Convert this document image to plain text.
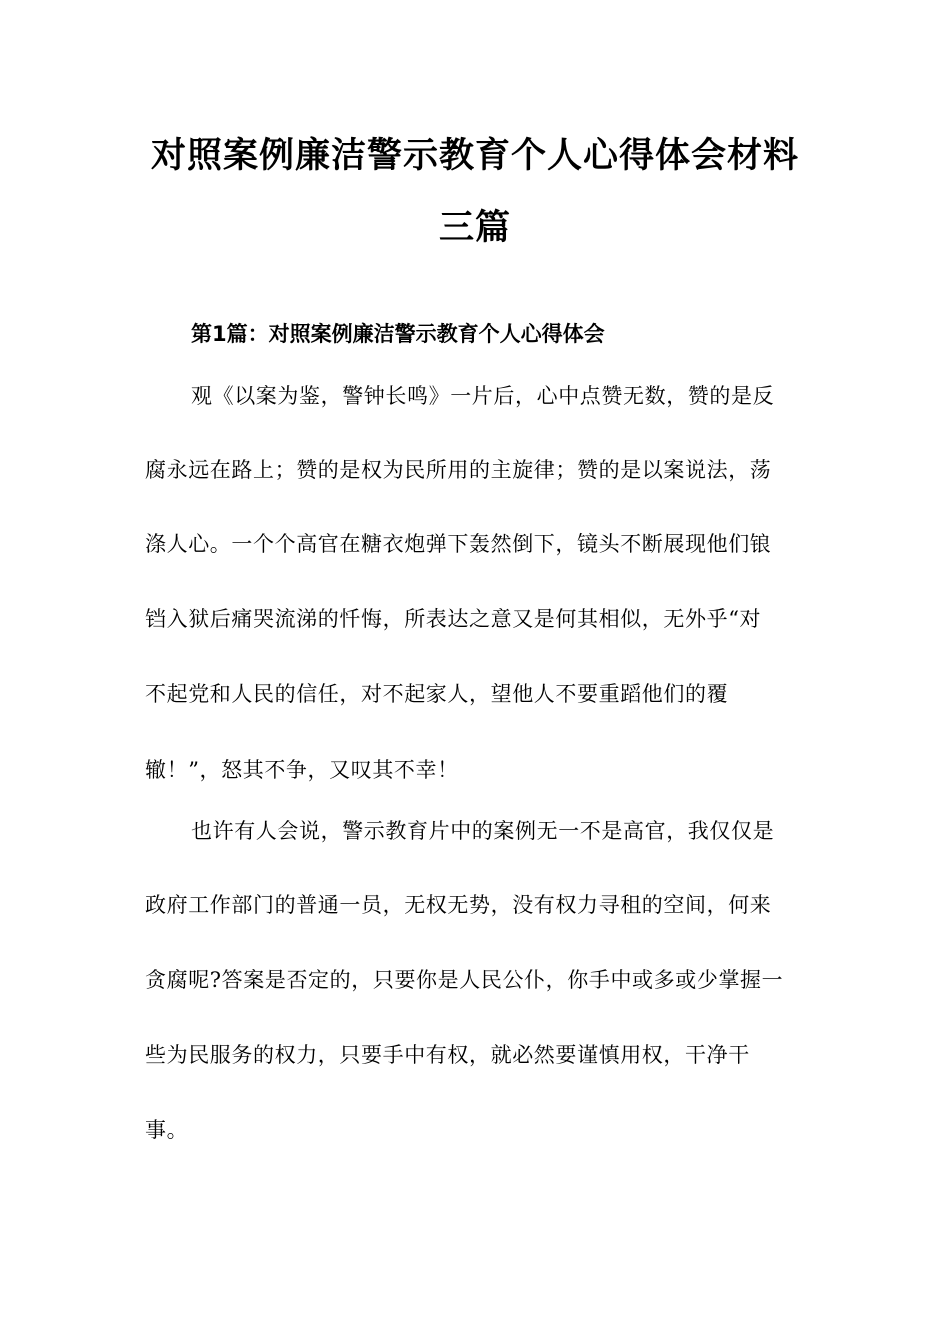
对照案例廉洁警示教育个人心得体会材料
三篇
第1篇：对照案例廉洁警示教育个人心得体会
观《以案为鉴，警钟长鸣》一片后，心中点赞无数，赞的是反
腐永远在路上；赞的是权为民所用的主旋律；赞的是以案说法，荡
涤人心。一个个高官在糖衣炮弹下轰然倒下，镜头不断展现他们锒
铛入狱后痛哭流涕的忏悔，所表达之意又是何其相似，无外乎“对
不起党和人民的信任，对不起家人，望他人不要重蹈他们的覆
辙！”，怒其不争，又叹其不幸！
也许有人会说，警示教育片中的案例无一不是高官，我仅仅是
政府工作部门的普通一员，无权无势，没有权力寻租的空间，何来
贪腐呢?答案是否定的，只要你是人民公仆，你手中或多或少掌握一
些为民服务的权力，只要手中有权，就必然要谨慎用权，干净干
事。
